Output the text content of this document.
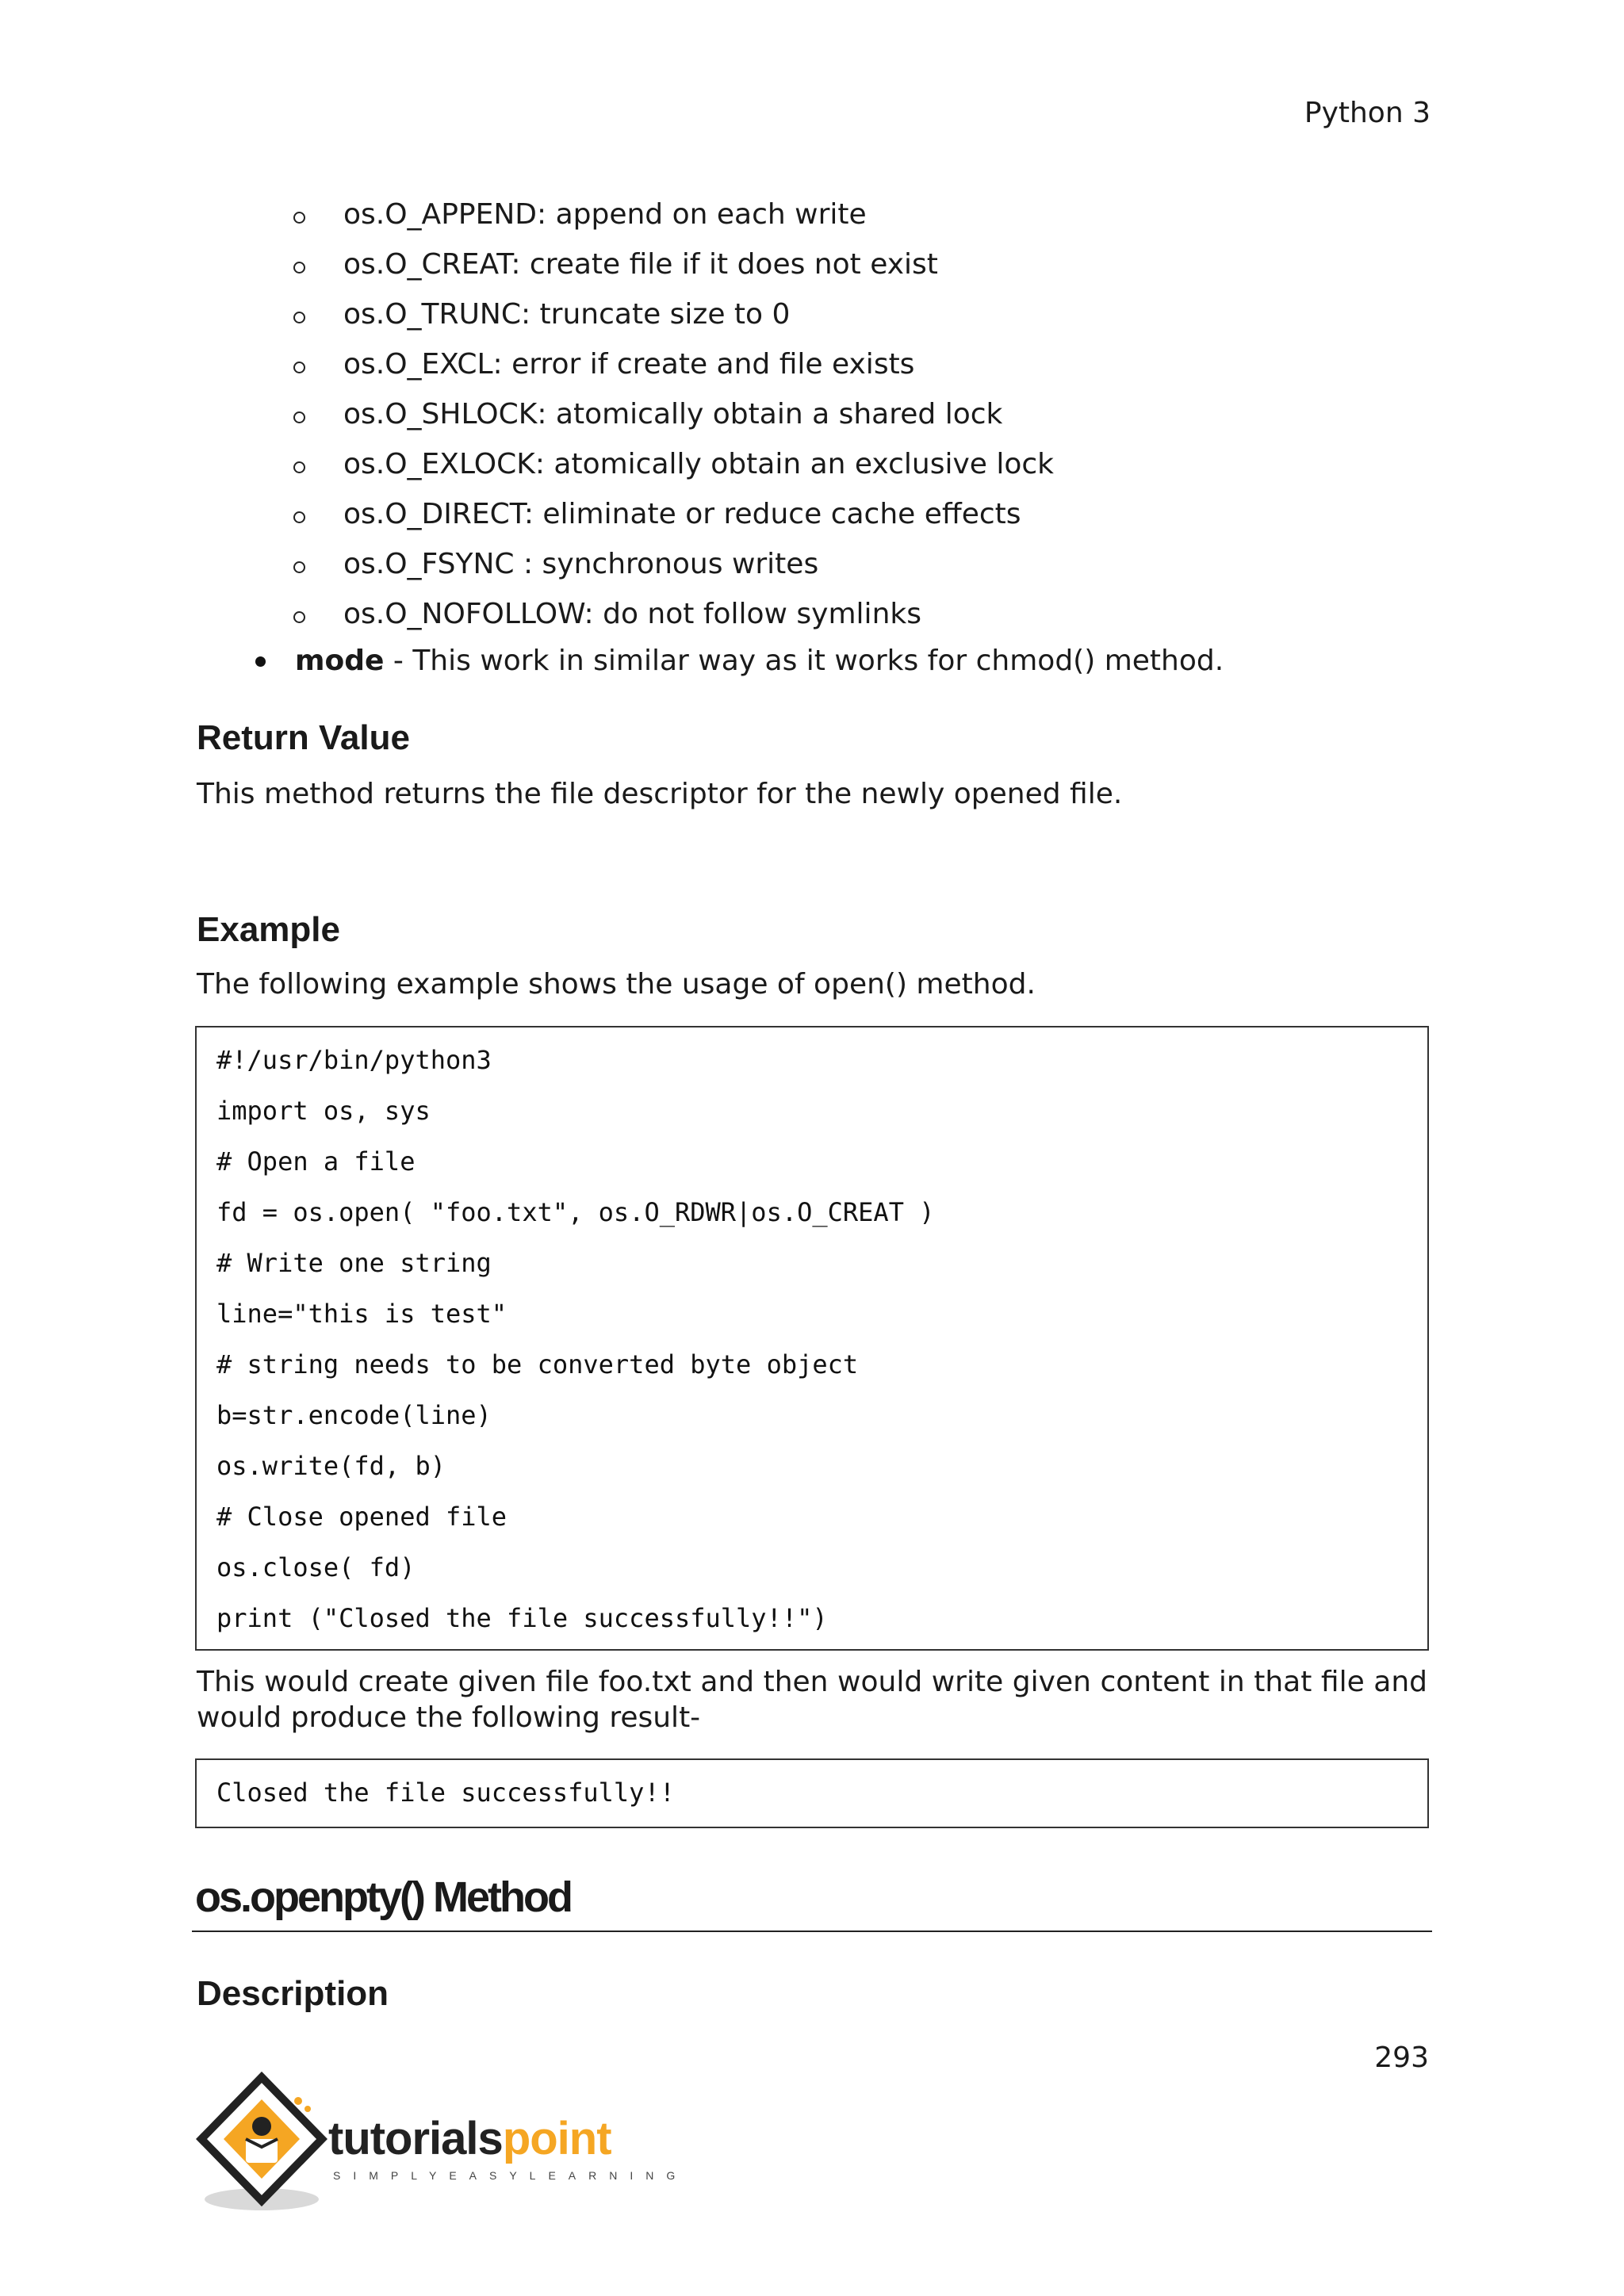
Python 3
os.O_APPEND: append on each write
os.O_CREAT: create file if it does not exist
os.O_TRUNC: truncate size to 0
os.O_EXCL: error if create and file exists
os.O_SHLOCK: atomically obtain a shared lock
os.O_EXLOCK: atomically obtain an exclusive lock
os.O_DIRECT: eliminate or reduce cache effects
os.O_FSYNC : synchronous writes
os.O_NOFOLLOW: do not follow symlinks
mode - This work in similar way as it works for chmod() method.
Return Value
This method returns the file descriptor for the newly opened file.
Example
The following example shows the usage of open() method.
#!/usr/bin/python3
import os, sys
# Open a file
fd = os.open( "foo.txt", os.O_RDWR|os.O_CREAT )
# Write one string
line="this is test"
# string needs to be converted byte object
b=str.encode(line)
os.write(fd, b)
# Close opened file
os.close( fd)
print ("Closed the file successfully!!")
This would create given file foo.txt and then would write given content in that file and
would produce the following result-
Closed the file successfully!!
os.openpty() Method
Description
293
tutorialspoint
SIMPLYEASYLEARNING
